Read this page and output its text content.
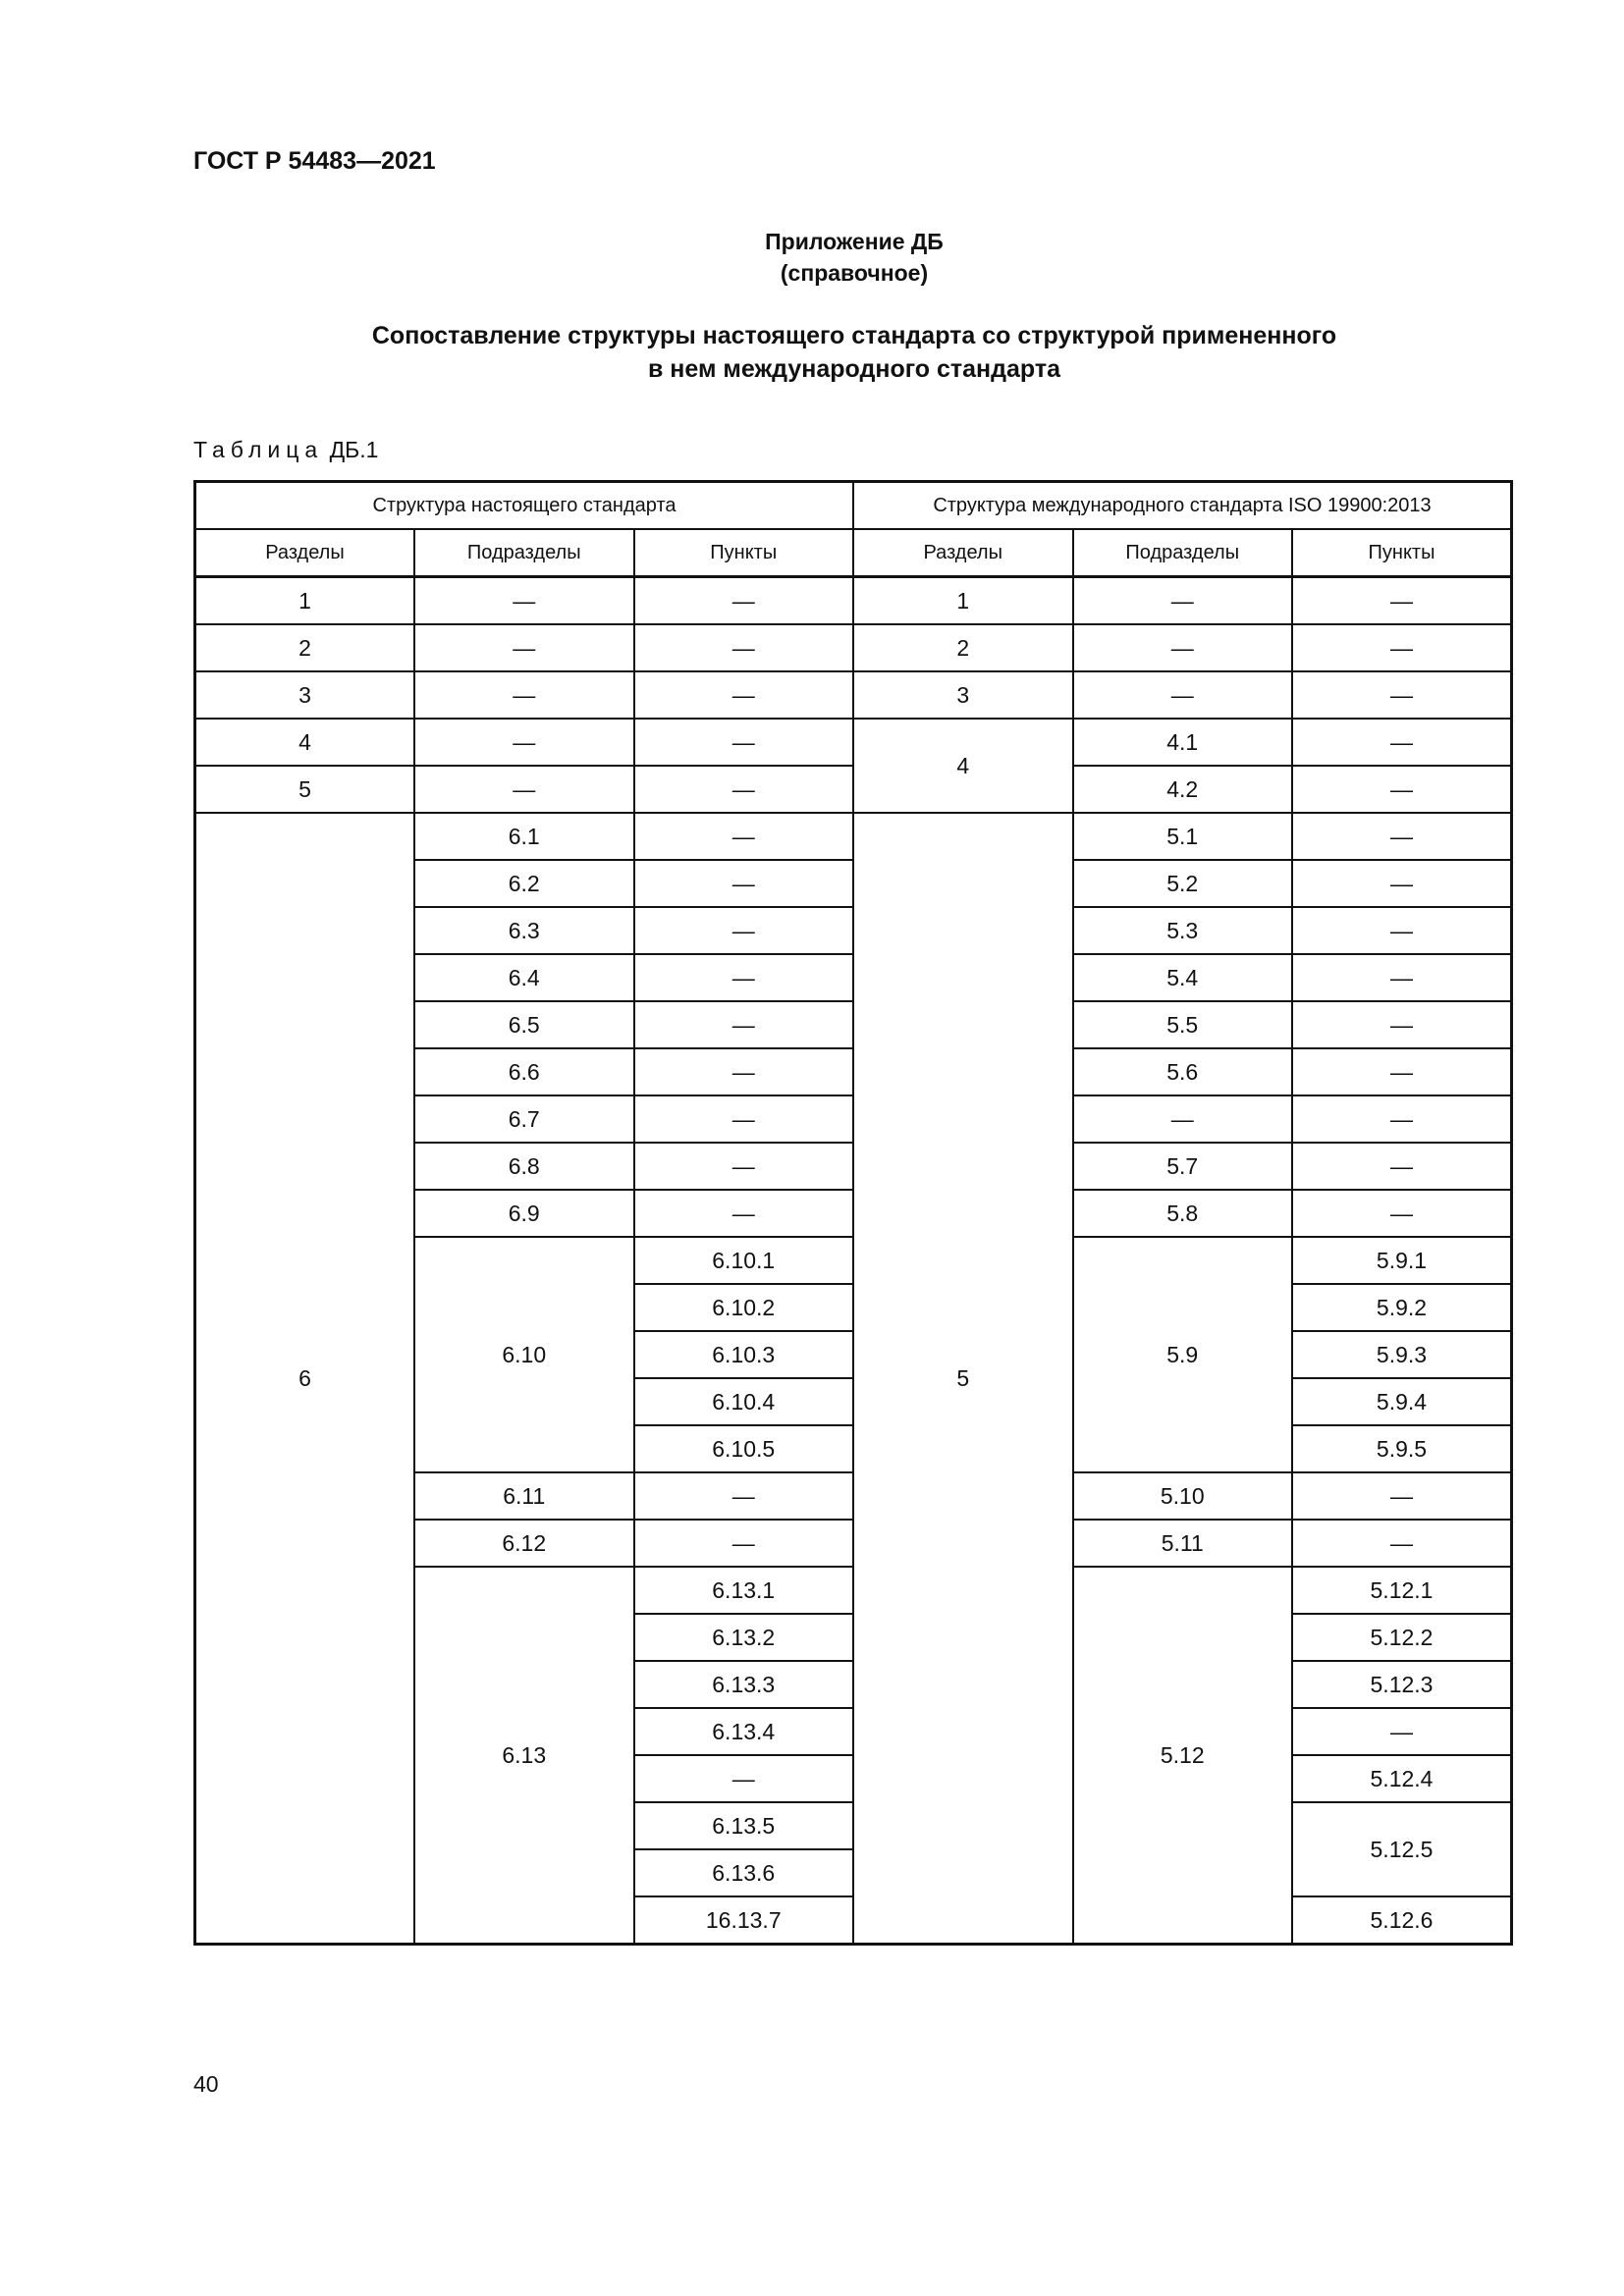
ГОСТ Р 54483—2021
Приложение ДБ
(справочное)
Сопоставление структуры настоящего стандарта со структурой примененного
в нем международного стандарта
Таблица ДБ.1
Структура настоящего стандарта			Структура международного стандарта ISO 19900:2013		
Разделы	Подразделы	Пункты	Разделы	Подразделы	Пункты
1	—	—	1	—	—
2	—	—	2	—	—
3	—	—	3	—	—
4	—	—	4	4.1	—
5	—	—		4.2	—
6	6.1	—	5	5.1	—
	6.2	—		5.2	—
	6.3	—		5.3	—
	6.4	—		5.4	—
	6.5	—		5.5	—
	6.6	—		5.6	—
	6.7	—		—	—
	6.8	—		5.7	—
	6.9	—		5.8	—
	6.10	6.10.1		5.9	5.9.1
		6.10.2			5.9.2
		6.10.3			5.9.3
		6.10.4			5.9.4
		6.10.5			5.9.5
	6.11	—		5.10	—
	6.12	—		5.11	—
	6.13	6.13.1		5.12	5.12.1
		6.13.2			5.12.2
		6.13.3			5.12.3
		6.13.4			—
		—			5.12.4
		6.13.5			5.12.5
		6.13.6			
		16.13.7			5.12.6
40
